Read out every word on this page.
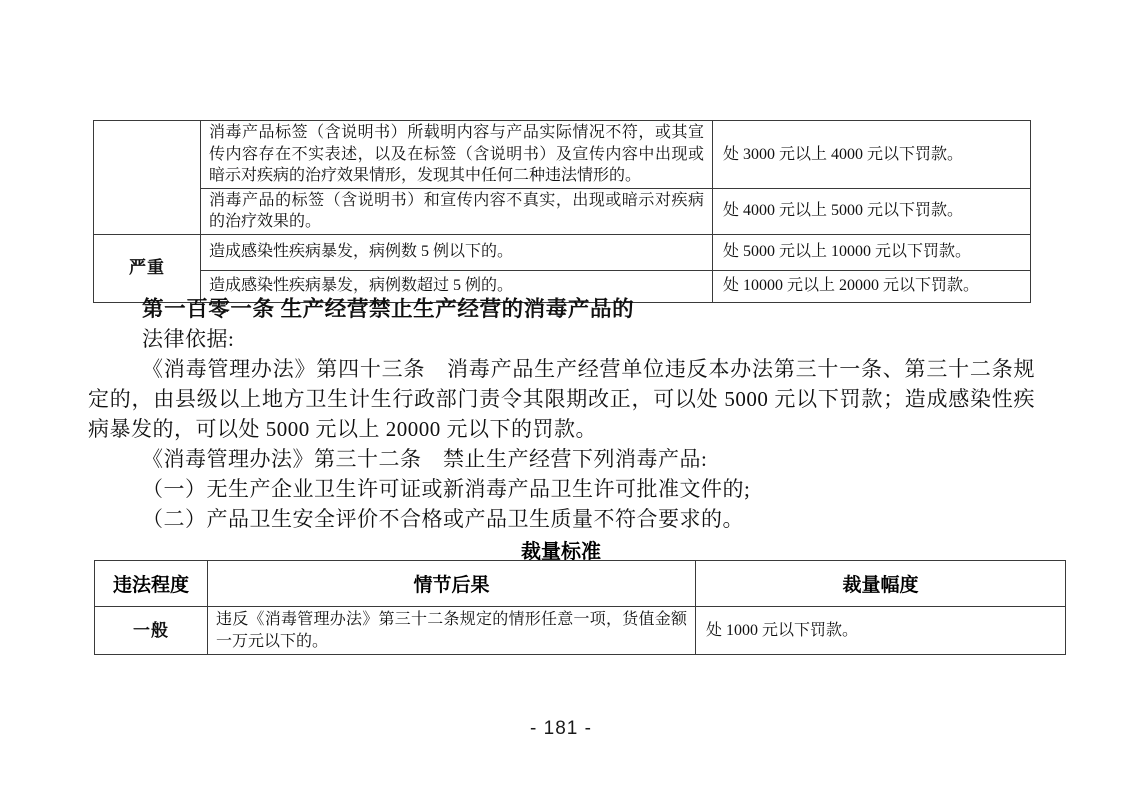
	消毒产品标签（含说明书）所载明内容与产品实际情况不符，或其宣传内容存在不实表述，以及在标签（含说明书）及宣传内容中出现或暗示对疾病的治疗效果情形，发现其中任何二种违法情形的。	处 3000 元以上 4000 元以下罚款。
	消毒产品的标签（含说明书）和宣传内容不真实，出现或暗示对疾病的治疗效果的。	处 4000 元以上 5000 元以下罚款。
严重	造成感染性疾病暴发，病例数 5 例以下的。	处 5000 元以上 10000 元以下罚款。
	造成感染性疾病暴发，病例数超过 5 例的。	处 10000 元以上 20000 元以下罚款。
第一百零一条 生产经营禁止生产经营的消毒产品的

法律依据:

《消毒管理办法》第四十三条　消毒产品生产经营单位违反本办法第三十一条、第三十二条规定的，由县级以上地方卫生计生行政部门责令其限期改正，可以处 5000 元以下罚款；造成感染性疾病暴发的，可以处 5000 元以上 20000 元以下的罚款。

《消毒管理办法》第三十二条　禁止生产经营下列消毒产品:

（一）无生产企业卫生许可证或新消毒产品卫生许可批准文件的;

（二）产品卫生安全评价不合格或产品卫生质量不符合要求的。

裁量标准
违法程度	情节后果	裁量幅度
一般	违反《消毒管理办法》第三十二条规定的情形任意一项，货值金额一万元以下的。	处 1000 元以下罚款。
- 181 -
